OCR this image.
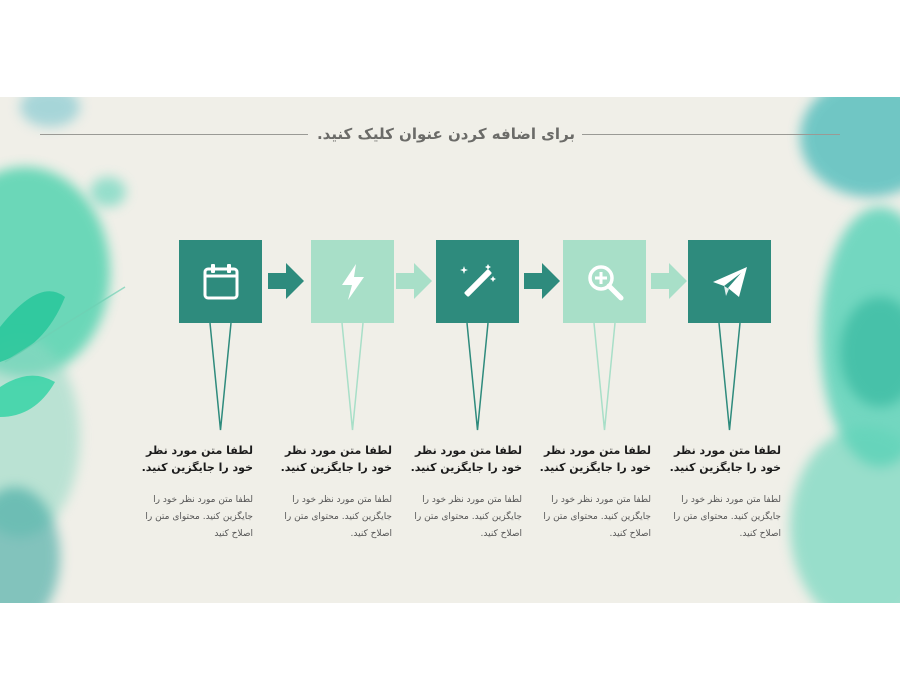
برای اضافه کردن عنوان کلیک کنید.
لطفا متن مورد نظر خود را جایگزین کنید.
لطفا متن مورد نظر خود را جایگزین کنید. محتوای متن را اصلاح کنید
لطفا متن مورد نظر خود را جایگزین کنید.
لطفا متن مورد نظر خود را جایگزین کنید. محتوای متن را اصلاح کنید.
لطفا متن مورد نظر خود را جایگزین کنید.
لطفا متن مورد نظر خود را جایگزین کنید. محتوای متن را اصلاح کنید.
لطفا متن مورد نظر خود را جایگزین کنید.
لطفا متن مورد نظر خود را جایگزین کنید. محتوای متن را اصلاح کنید.
لطفا متن مورد نظر خود را جایگزین کنید.
لطفا متن مورد نظر خود را جایگزین کنید. محتوای متن را اصلاح کنید.
